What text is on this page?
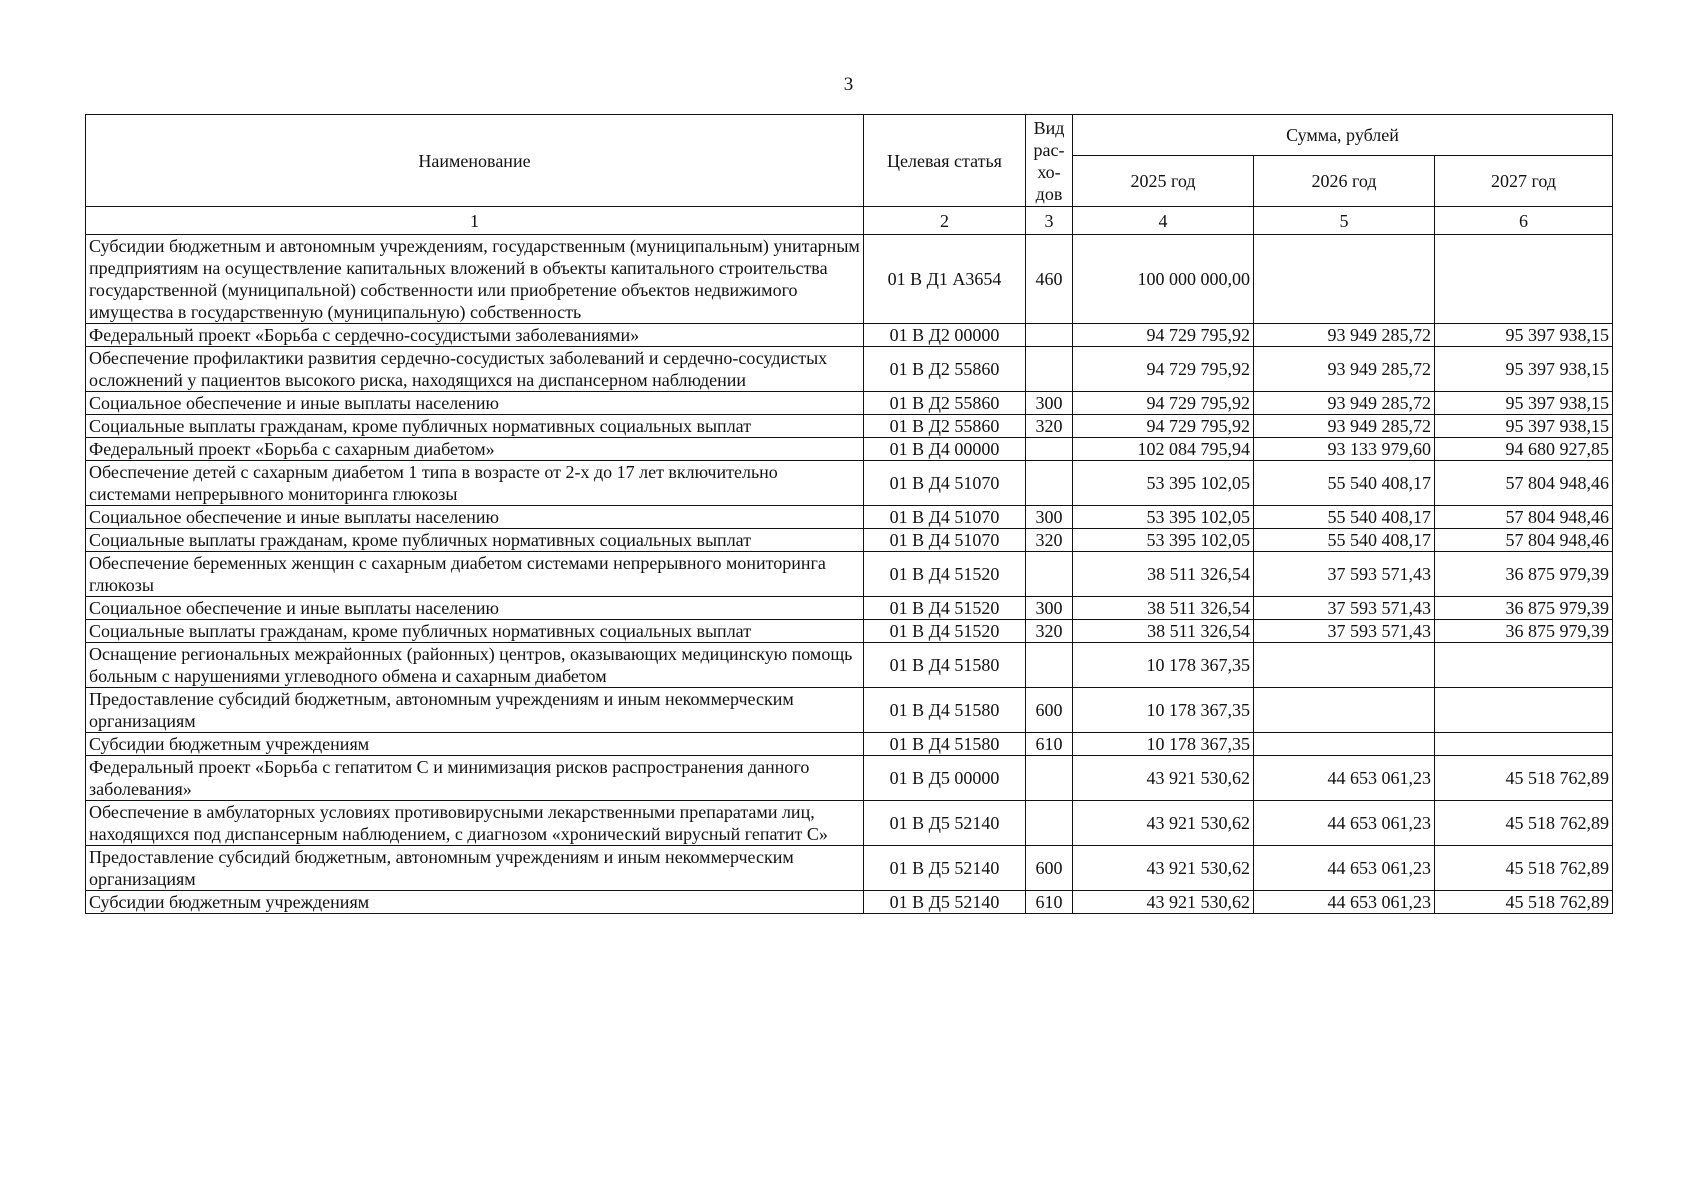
3
Наименование	Целевая статья	Вид
рас-
хо-
дов	Сумма, рублей		
			2025 год	2026 год	2027 год
1	2	3	4	5	6
Субсидии бюджетным и автономным учреждениям, государственным (муниципальным) унитарным предприятиям на осуществление капитальных вложений в объекты капитального строительства государственной (муниципальной) собственности или приобретение объектов недвижимого имущества в государственную (муниципальную) собственность	01 В Д1 А3654	460	100 000 000,00		
Федеральный проект «Борьба с сердечно-сосудистыми заболеваниями»	01 В Д2 00000		94 729 795,92	93 949 285,72	95 397 938,15
Обеспечение профилактики развития сердечно-сосудистых заболеваний и сердечно-сосудистых осложнений у пациентов высокого риска, находящихся на диспансерном наблюдении	01 В Д2 55860		94 729 795,92	93 949 285,72	95 397 938,15
Социальное обеспечение и иные выплаты населению	01 В Д2 55860	300	94 729 795,92	93 949 285,72	95 397 938,15
Социальные выплаты гражданам, кроме публичных нормативных социальных выплат	01 В Д2 55860	320	94 729 795,92	93 949 285,72	95 397 938,15
Федеральный проект «Борьба с сахарным диабетом»	01 В Д4 00000		102 084 795,94	93 133 979,60	94 680 927,85
Обеспечение детей с сахарным диабетом 1 типа в возрасте от 2-х до 17 лет включительно системами непрерывного мониторинга глюкозы	01 В Д4 51070		53 395 102,05	55 540 408,17	57 804 948,46
Социальное обеспечение и иные выплаты населению	01 В Д4 51070	300	53 395 102,05	55 540 408,17	57 804 948,46
Социальные выплаты гражданам, кроме публичных нормативных социальных выплат	01 В Д4 51070	320	53 395 102,05	55 540 408,17	57 804 948,46
Обеспечение беременных женщин с сахарным диабетом системами непрерывного мониторинга глюкозы	01 В Д4 51520		38 511 326,54	37 593 571,43	36 875 979,39
Социальное обеспечение и иные выплаты населению	01 В Д4 51520	300	38 511 326,54	37 593 571,43	36 875 979,39
Социальные выплаты гражданам, кроме публичных нормативных социальных выплат	01 В Д4 51520	320	38 511 326,54	37 593 571,43	36 875 979,39
Оснащение региональных межрайонных (районных) центров, оказывающих медицинскую помощь больным с нарушениями углеводного обмена и сахарным диабетом	01 В Д4 51580		10 178 367,35		
Предоставление субсидий бюджетным, автономным учреждениям и иным некоммерческим организациям	01 В Д4 51580	600	10 178 367,35		
Субсидии бюджетным учреждениям	01 В Д4 51580	610	10 178 367,35		
Федеральный проект «Борьба с гепатитом С и минимизация рисков распространения данного заболевания»	01 В Д5 00000		43 921 530,62	44 653 061,23	45 518 762,89
Обеспечение в амбулаторных условиях противовирусными лекарственными препаратами лиц, находящихся под диспансерным наблюдением, с диагнозом «хронический вирусный гепатит С»	01 В Д5 52140		43 921 530,62	44 653 061,23	45 518 762,89
Предоставление субсидий бюджетным, автономным учреждениям и иным некоммерческим организациям	01 В Д5 52140	600	43 921 530,62	44 653 061,23	45 518 762,89
Субсидии бюджетным учреждениям	01 В Д5 52140	610	43 921 530,62	44 653 061,23	45 518 762,89
